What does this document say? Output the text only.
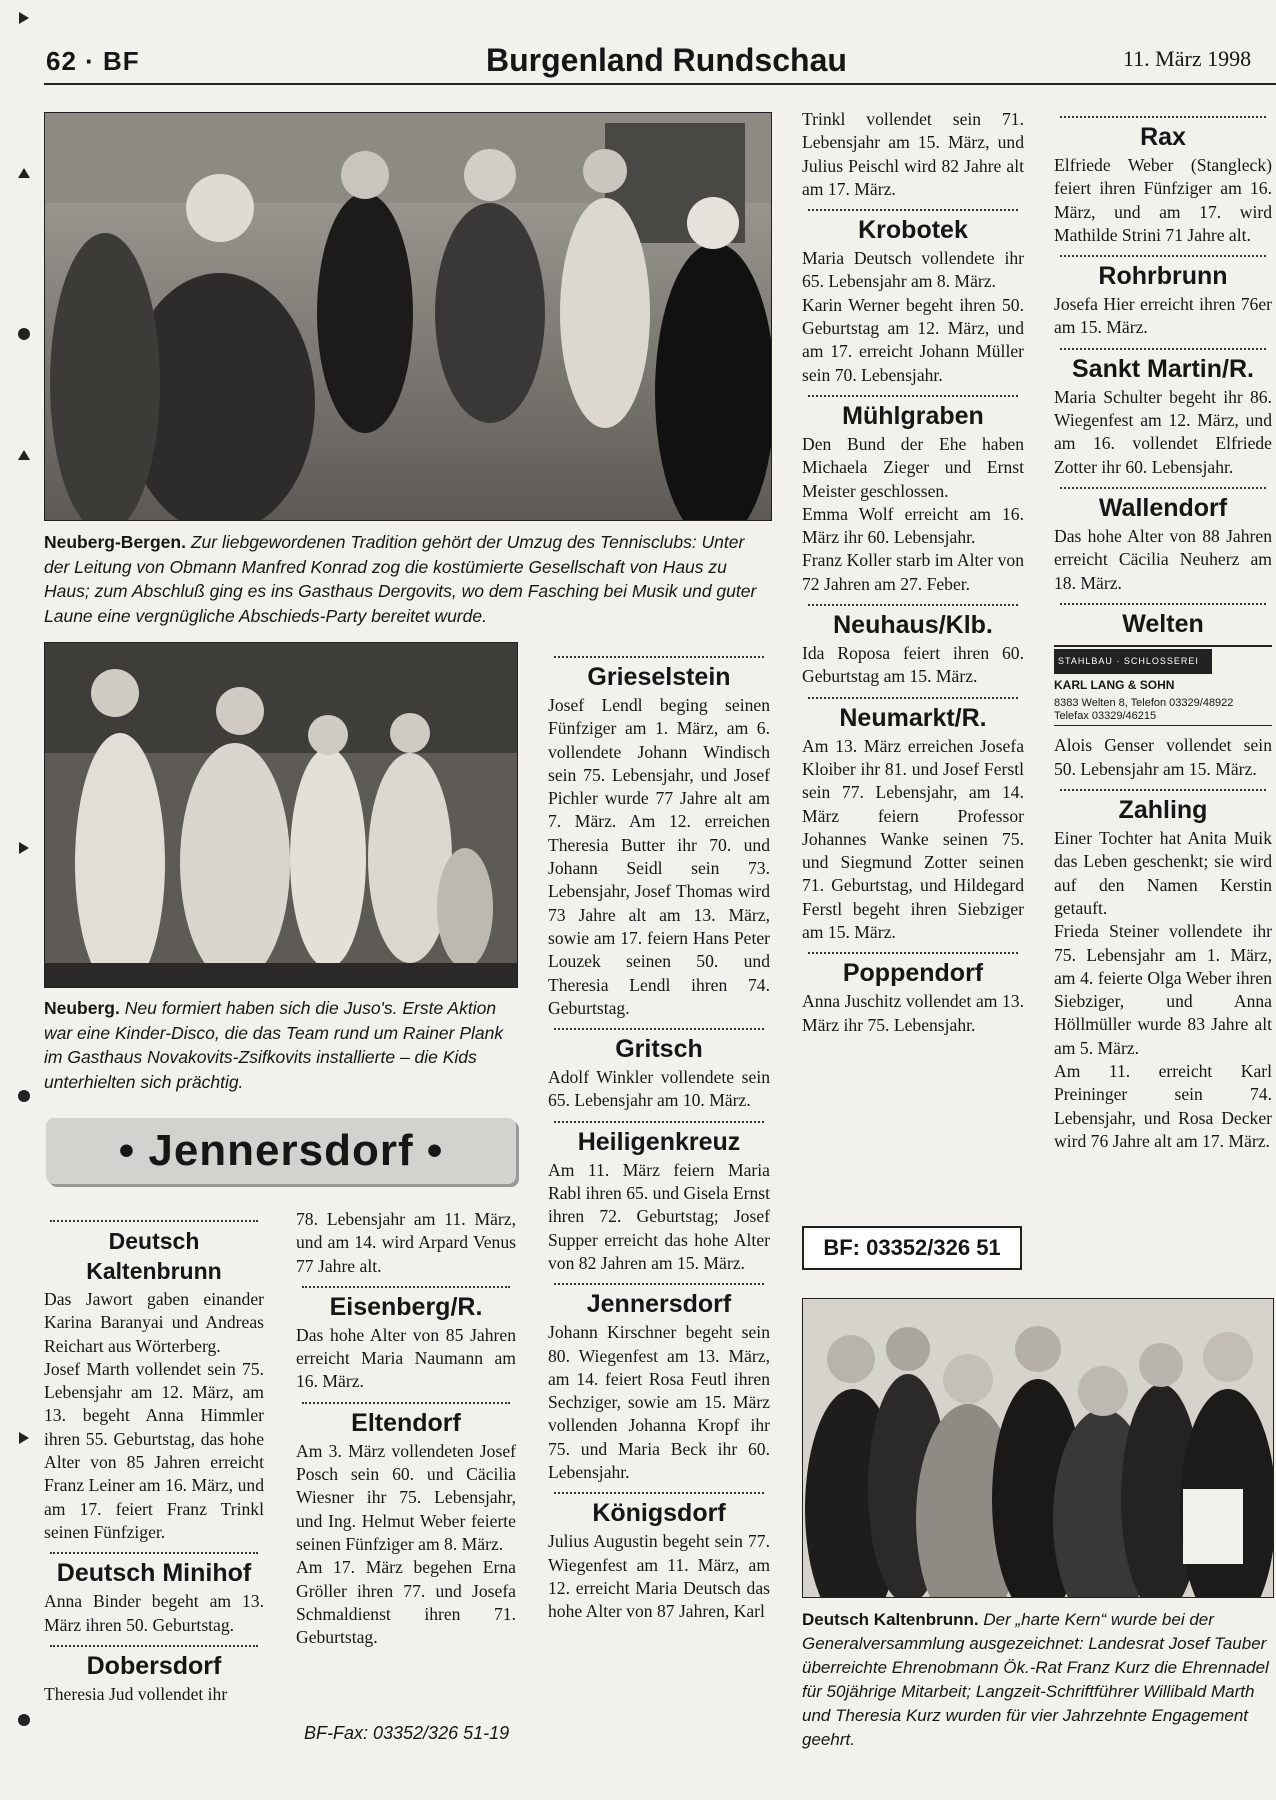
62 · BF	Burgenland Rundschau	11. März 1998
Neuberg-Bergen. Zur liebgewordenen Tradition gehört der Umzug des Tennisclubs: Unter der Leitung von Obmann Manfred Konrad zog die kostümierte Gesellschaft von Haus zu Haus; zum Abschluß ging es ins Gasthaus Dergovits, wo dem Fasching bei Musik und guter Laune eine vergnügliche Abschieds-Party bereitet wurde.
Neuberg. Neu formiert haben sich die Juso's. Erste Aktion war eine Kinder-Disco, die das Team rund um Rainer Plank im Gasthaus Novakovits-Zsifkovits installierte – die Kids unterhielten sich prächtig.
• Jennersdorf •
Deutsch Kaltenbrunn

Das Jawort gaben einander Karina Baranyai und Andreas Reichart aus Wörterberg.

Josef Marth vollendet sein 75. Lebensjahr am 12. März, am 13. begeht Anna Himmler ihren 55. Geburtstag, das hohe Alter von 85 Jahren erreicht Franz Leiner am 16. März, und am 17. feiert Franz Trinkl seinen Fünfziger.

Deutsch Minihof

Anna Binder begeht am 13. März ihren 50. Geburtstag.

Dobersdorf

Theresia Jud vollendet ihr

78. Lebensjahr am 11. März, und am 14. wird Arpard Venus 77 Jahre alt.

Eisenberg/R.

Das hohe Alter von 85 Jahren erreicht Maria Naumann am 16. März.

Eltendorf

Am 3. März vollendeten Josef Posch sein 60. und Cäcilia Wiesner ihr 75. Lebensjahr, und Ing. Helmut Weber feierte seinen Fünfziger am 8. März.

Am 17. März begehen Erna Gröller ihren 77. und Josefa Schmaldienst ihren 71. Geburtstag.

BF-Fax: 03352/326 51-19
Grieselstein

Josef Lendl beging seinen Fünfziger am 1. März, am 6. vollendete Johann Windisch sein 75. Lebensjahr, und Josef Pichler wurde 77 Jahre alt am 7. März. Am 12. erreichen Theresia Butter ihr 70. und Johann Seidl sein 73. Lebensjahr, Josef Thomas wird 73 Jahre alt am 13. März, sowie am 17. feiern Hans Peter Louzek seinen 50. und Theresia Lendl ihren 74. Geburtstag.

Gritsch

Adolf Winkler vollendete sein 65. Lebensjahr am 10. März.

Heiligenkreuz

Am 11. März feiern Maria Rabl ihren 65. und Gisela Ernst ihren 72. Geburtstag; Josef Supper erreicht das hohe Alter von 82 Jahren am 15. März.

Jennersdorf

Johann Kirschner begeht sein 80. Wiegenfest am 13. März, am 14. feiert Rosa Feutl ihren Sechziger, sowie am 15. März vollenden Johanna Kropf ihr 75. und Maria Beck ihr 60. Lebensjahr.

Königsdorf

Julius Augustin begeht sein 77. Wiegenfest am 11. März, am 12. erreicht Maria Deutsch das hohe Alter von 87 Jahren, Karl

Trinkl vollendet sein 71. Lebensjahr am 15. März, und Julius Peischl wird 82 Jahre alt am 17. März.

Krobotek

Maria Deutsch vollendete ihr 65. Lebensjahr am 8. März.

Karin Werner begeht ihren 50. Geburtstag am 12. März, und am 17. erreicht Johann Müller sein 70. Lebensjahr.

Mühlgraben

Den Bund der Ehe haben Michaela Zieger und Ernst Meister geschlossen.

Emma Wolf erreicht am 16. März ihr 60. Lebensjahr.

Franz Koller starb im Alter von 72 Jahren am 27. Feber.

Neuhaus/Klb.

Ida Roposa feiert ihren 60. Geburtstag am 15. März.

Neumarkt/R.

Am 13. März erreichen Josefa Kloiber ihr 81. und Josef Ferstl sein 77. Lebensjahr, am 14. März feiern Professor Johannes Wanke seinen 75. und Siegmund Zotter seinen 71. Geburtstag, und Hildegard Ferstl begeht ihren Siebziger am 15. März.

Poppendorf

Anna Juschitz vollendet am 13. März ihr 75. Lebensjahr.

BF: 03352/326 51
Rax

Elfriede Weber (Stangleck) feiert ihren Fünfziger am 16. März, und am 17. wird Mathilde Strini 71 Jahre alt.

Rohrbrunn

Josefa Hier erreicht ihren 76er am 15. März.

Sankt Martin/R.

Maria Schulter begeht ihr 86. Wiegenfest am 12. März, und am 16. vollendet Elfriede Zotter ihr 60. Lebensjahr.

Wallendorf

Das hohe Alter von 88 Jahren erreicht Cäcilia Neuherz am 18. März.

Welten
STAHLBAU · SCHLOSSEREI
KARL LANG & SOHN
8383 Welten 8, Telefon 03329/48922
Telefax 03329/46215

Alois Genser vollendet sein 50. Lebensjahr am 15. März.

Zahling

Einer Tochter hat Anita Muik das Leben geschenkt; sie wird auf den Namen Kerstin getauft.

Frieda Steiner vollendete ihr 75. Lebensjahr am 1. März, am 4. feierte Olga Weber ihren Siebziger, und Anna Höllmüller wurde 83 Jahre alt am 5. März.

Am 11. erreicht Karl Preininger sein 74. Lebensjahr, und Rosa Decker wird 76 Jahre alt am 17. März.

Deutsch Kaltenbrunn. Der „harte Kern“ wurde bei der Generalversammlung ausgezeichnet: Landesrat Josef Tauber überreichte Ehrenobmann Ök.-Rat Franz Kurz die Ehrennadel für 50jährige Mitarbeit; Langzeit-Schriftführer Willibald Marth und Theresia Kurz wurden für vier Jahrzehnte Engagement geehrt.
